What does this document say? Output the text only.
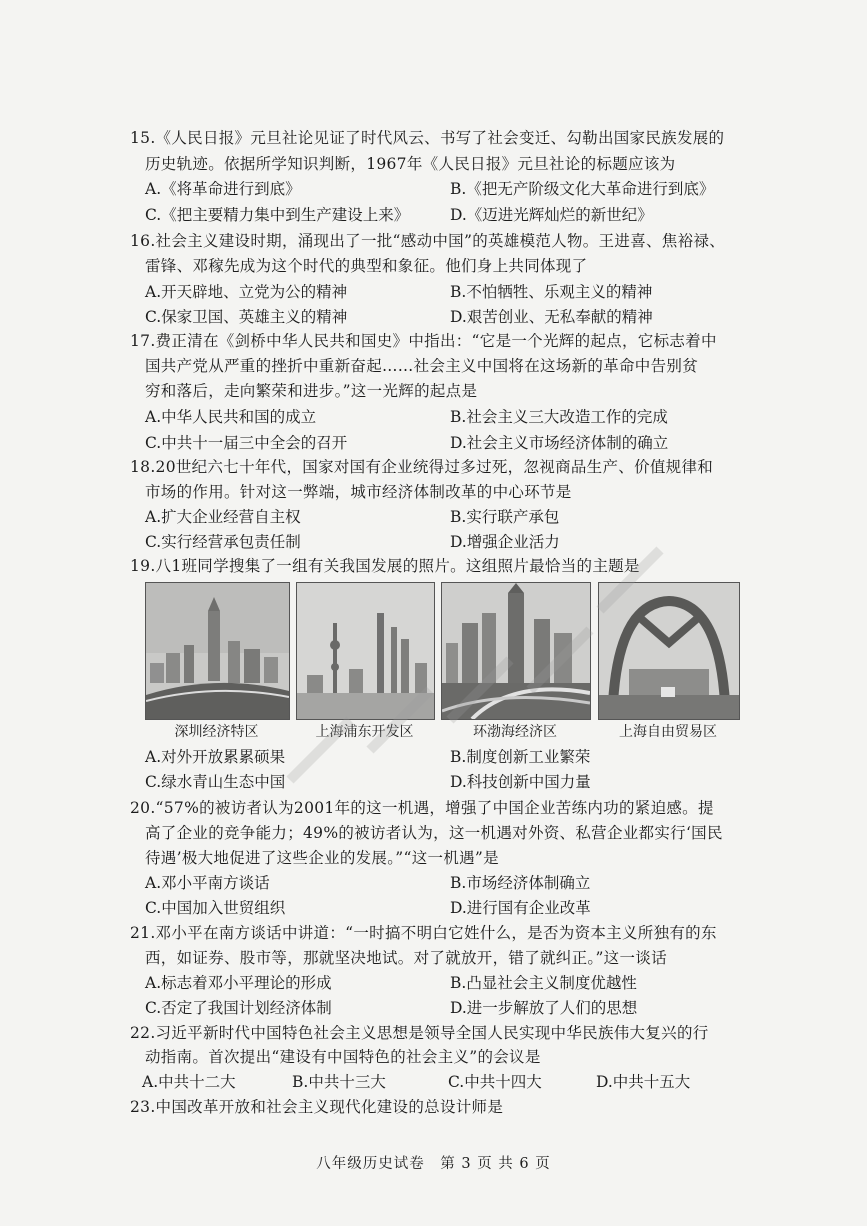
15.《人民日报》元旦社论见证了时代风云、书写了社会变迁、勾勒出国家民族发展的
历史轨迹。依据所学知识判断，1967年《人民日报》元旦社论的标题应该为
A.《将革命进行到底》	B.《把无产阶级文化大革命进行到底》
C.《把主要精力集中到生产建设上来》	D.《迈进光辉灿烂的新世纪》
16.社会主义建设时期，涌现出了一批“感动中国”的英雄模范人物。王进喜、焦裕禄、
雷锋、邓稼先成为这个时代的典型和象征。他们身上共同体现了
A.开天辟地、立党为公的精神	B.不怕牺牲、乐观主义的精神
C.保家卫国、英雄主义的精神	D.艰苦创业、无私奉献的精神
17.费正清在《剑桥中华人民共和国史》中指出：“它是一个光辉的起点，它标志着中
国共产党从严重的挫折中重新奋起……社会主义中国将在这场新的革命中告别贫
穷和落后，走向繁荣和进步。”这一光辉的起点是
A.中华人民共和国的成立	B.社会主义三大改造工作的完成
C.中共十一届三中全会的召开	D.社会主义市场经济体制的确立
18.20世纪六七十年代，国家对国有企业统得过多过死，忽视商品生产、价值规律和
市场的作用。针对这一弊端，城市经济体制改革的中心环节是
A.扩大企业经营自主权	B.实行联产承包
C.实行经营承包责任制	D.增强企业活力
19.八1班同学搜集了一组有关我国发展的照片。这组照片最恰当的主题是
深圳经济特区	上海浦东开发区	环渤海经济区	上海自由贸易区
A.对外开放累累硕果	B.制度创新工业繁荣
C.绿水青山生态中国	D.科技创新中国力量
20.“57%的被访者认为2001年的这一机遇，增强了中国企业苦练内功的紧迫感。提
高了企业的竞争能力；49%的被访者认为，这一机遇对外资、私营企业都实行‘国民
待遇’极大地促进了这些企业的发展。”“这一机遇”是
A.邓小平南方谈话	B.市场经济体制确立
C.中国加入世贸组织	D.进行国有企业改革
21.邓小平在南方谈话中讲道：“一时搞不明白它姓什么，是否为资本主义所独有的东
西，如证券、股市等，那就坚决地试。对了就放开，错了就纠正。”这一谈话
A.标志着邓小平理论的形成	B.凸显社会主义制度优越性
C.否定了我国计划经济体制	D.进一步解放了人们的思想
22.习近平新时代中国特色社会主义思想是领导全国人民实现中华民族伟大复兴的行
动指南。首次提出“建设有中国特色的社会主义”的会议是
A.中共十二大	B.中共十三大	C.中共十四大	D.中共十五大
23.中国改革开放和社会主义现代化建设的总设计师是
八年级历史试卷　第 3 页 共 6 页
